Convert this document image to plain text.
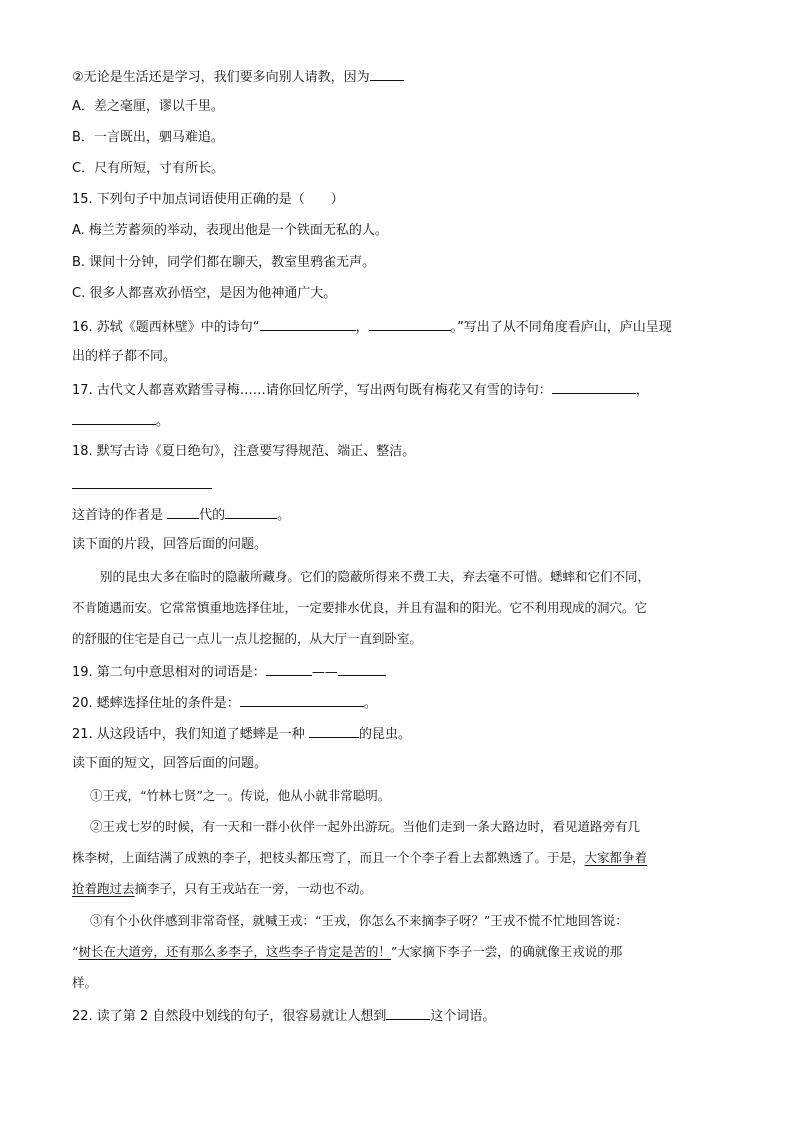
②无论是生活还是学习，我们要多向别人请教，因为
A．差之毫厘，谬以千里。
B．一言既出，驷马难追。
C．尺有所短，寸有所长。
15. 下列句子中加点词语使用正确的是（　　）
A. 梅兰芳蓄须的举动，表现出他是一个铁面无私的人。
B. 课间十分钟，同学们都在聊天，教室里鸦雀无声。
C. 很多人都喜欢孙悟空，是因为他神通广大。
16. 苏轼《题西林壁》中的诗句“	，	。”写出了从不同角度看庐山，庐山呈现
出的样子都不同。
17. 古代文人都喜欢踏雪寻梅……请你回忆所学，写出两句既有梅花又有雪的诗句：	，
。
18. 默写古诗《夏日绝句》，注意要写得规范、端正、整洁。
这首诗的作者是 代的	。
读下面的片段，回答后面的问题。
别的昆虫大多在临时的隐蔽所藏身。它们的隐蔽所得来不费工夫，弃去毫不可惜。蟋蟀和它们不同，
不肯随遇而安。它常常慎重地选择住址，一定要排水优良，并且有温和的阳光。它不利用现成的洞穴。它
的舒服的住宅是自己一点儿一点儿挖掘的，从大厅一直到卧室。
19. 第二句中意思相对的词语是：	——
20. 蟋蟀选择住址的条件是：	。
21. 从这段话中，我们知道了蟋蟀是一种	的昆虫。
读下面的短文，回答后面的问题。
①王戎，“竹林七贤”之一。传说，他从小就非常聪明。
②王戎七岁的时候，有一天和一群小伙伴一起外出游玩。当他们走到一条大路边时，看见道路旁有几
株李树，上面结满了成熟的李子，把枝头都压弯了，而且一个个李子看上去都熟透了。于是，大家都争着
抢着跑过去摘李子，只有王戎站在一旁，一动也不动。
③有个小伙伴感到非常奇怪，就喊王戎：“王戎，你怎么不来摘李子呀？”王戎不慌不忙地回答说：
“树长在大道旁，还有那么多李子，这些李子肯定是苦的！”大家摘下李子一尝，的确就像王戎说的那
样。
22. 读了第 2 自然段中划线的句子，很容易就让人想到	这个词语。
